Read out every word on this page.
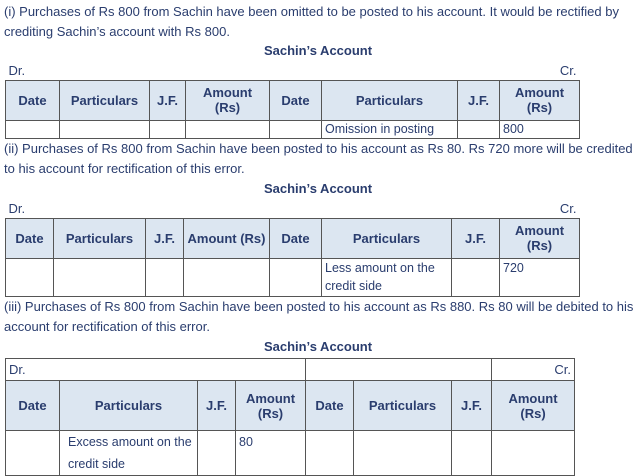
(i) Purchases of Rs 800 from Sachin have been omitted to be posted to his account. It would be rectified by crediting Sachin’s account with Rs 800.

Sachin’s Account
Dr.				Cr.			
Date	Particulars	J.F.	Amount (Rs)	Date	Particulars	J.F.	Amount (Rs)
					Omission in posting		800

(ii) Purchases of Rs 800 from Sachin have been posted to his account as Rs 80. Rs 720 more will be credited to his account for rectification of this error.

Sachin’s Account
Dr.				Cr.			
Date	Particulars	J.F.	Amount (Rs)	Date	Particulars	J.F.	Amount (Rs)
					Less amount on the credit side		720

(iii) Purchases of Rs 800 from Sachin have been posted to his account as Rs 880. Rs 80 will be debited to his account for rectification of this error.

Sachin’s Account
Dr.							Cr.
Date	Particulars	J.F.	Amount (Rs)	Date	Particulars	J.F.	Amount (Rs)
	Excess amount on the credit side		80				
